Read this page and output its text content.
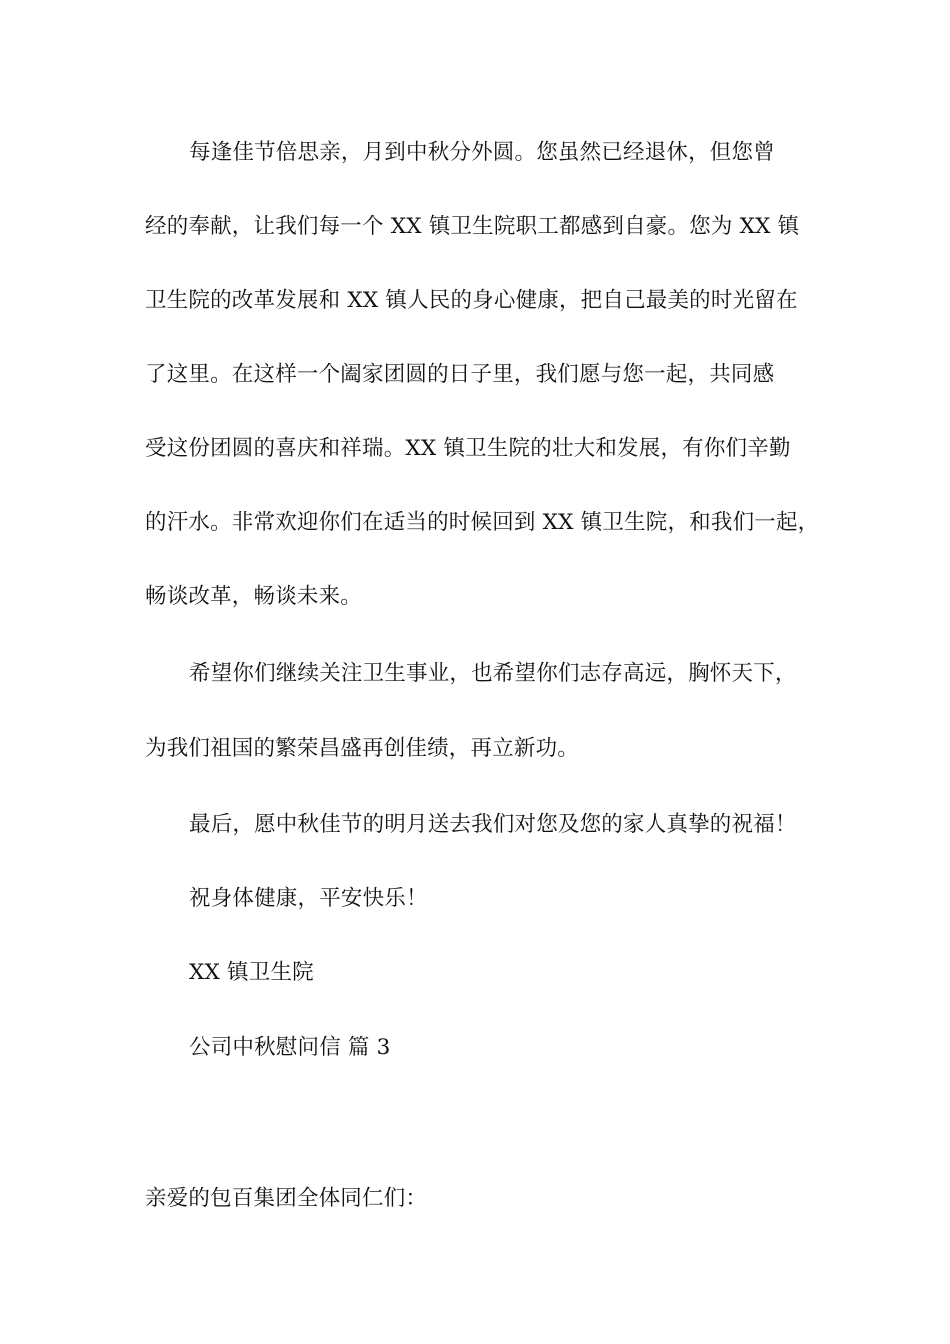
每逢佳节倍思亲，月到中秋分外圆。您虽然已经退休，但您曾
经的奉献，让我们每一个 XX 镇卫生院职工都感到自豪。您为 XX 镇
卫生院的改革发展和 XX 镇人民的身心健康，把自己最美的时光留在
了这里。在这样一个阖家团圆的日子里，我们愿与您一起，共同感
受这份团圆的喜庆和祥瑞。XX 镇卫生院的壮大和发展，有你们辛勤
的汗水。非常欢迎你们在适当的时候回到 XX 镇卫生院，和我们一起，
畅谈改革，畅谈未来。
希望你们继续关注卫生事业，也希望你们志存高远，胸怀天下，
为我们祖国的繁荣昌盛再创佳绩，再立新功。
最后，愿中秋佳节的明月送去我们对您及您的家人真挚的祝福！
祝身体健康，平安快乐！
XX 镇卫生院
公司中秋慰问信 篇 3
亲爱的包百集团全体同仁们：
